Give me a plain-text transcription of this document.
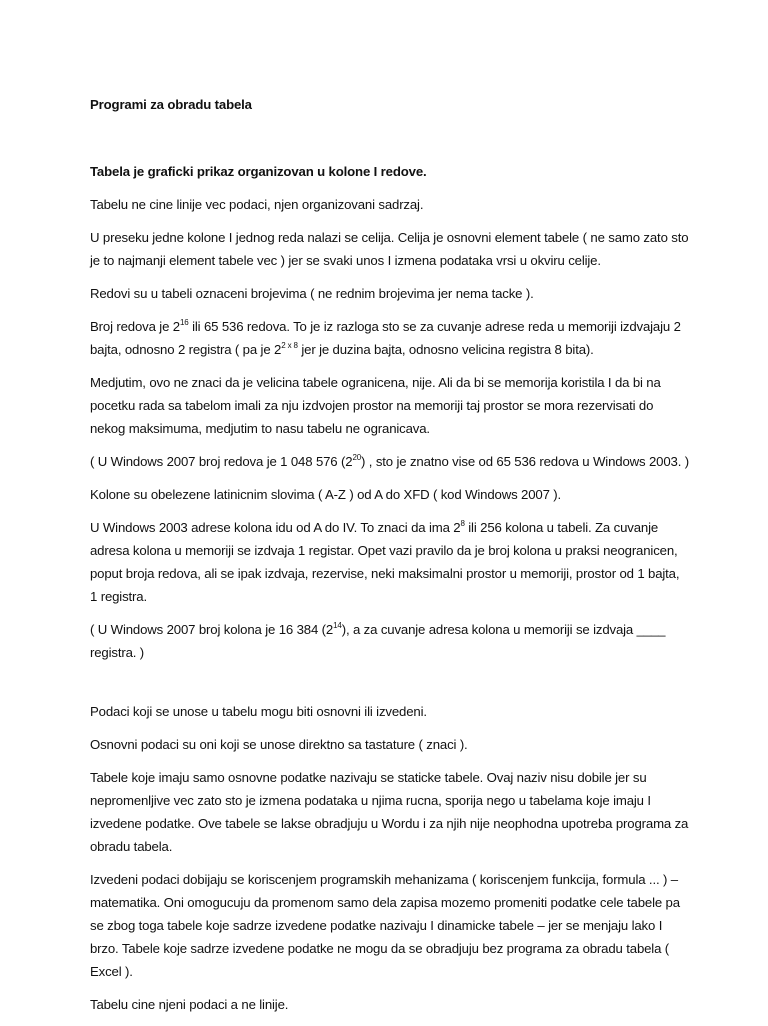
Programi za obradu tabela

Tabela je graficki prikaz organizovan u kolone I redove.

Tabelu ne cine linije vec podaci, njen organizovani sadrzaj.

U preseku jedne kolone I jednog reda nalazi se celija. Celija je osnovni element tabele ( ne samo zato sto je to najmanji element tabele vec ) jer se svaki unos I izmena podataka vrsi u okviru celije.

Redovi su u tabeli oznaceni brojevima ( ne rednim brojevima jer nema tacke ).

Broj redova je $2^{16}$ ili 65 536 redova. To je iz razloga sto se za cuvanje adrese reda u memoriji izdvajaju 2 bajta, odnosno 2 registra ( pa je $2^{2 x 8}$ jer je duzina bajta, odnosno velicina registra 8 bita).

Medjutim, ovo ne znaci da je velicina tabele ogranicena, nije. Ali da bi se memorija koristila I da bi na pocetku rada sa tabelom imali za nju izdvojen prostor na memoriji taj prostor se mora rezervisati do nekog maksimuma, medjutim to nasu tabelu ne ogranicava.

( U Windows 2007 broj redova je 1 048 576 $(2^{20})$ , sto je znatno vise od 65 536 redova u Windows 2003. )

Kolone su obelezene latinicnim slovima ( A-Z ) od A do XFD ( kod Windows 2007 ).

U Windows 2003 adrese kolona idu od A do IV. To znaci da ima $2^8$ ili 256 kolona u tabeli. Za cuvanje adresa kolona u memoriji se izdvaja 1 registar. Opet vazi pravilo da je broj kolona u praksi neogranicen, poput broja redova, ali se ipak izdvaja, rezervise, neki maksimalni prostor u memoriji, prostor od 1 bajta, 1 registra.

( U Windows 2007 broj kolona je 16 384 $(2^{14})$, a za cuvanje adresa kolona u memoriji se izdvaja ____ registra. )

Podaci koji se unose u tabelu mogu biti osnovni ili izvedeni.

Osnovni podaci su oni koji se unose direktno sa tastature ( znaci ).

Tabele koje imaju samo osnovne podatke nazivaju se staticke tabele. Ovaj naziv nisu dobile jer su nepromenljive vec zato sto je izmena podataka u njima rucna, sporija nego u tabelama koje imaju I izvedene podatke. Ove tabele se lakse obradjuju u Wordu i za njih nije neophodna upotreba programa za obradu tabela.

Izvedeni podaci dobijaju se koriscenjem programskih mehanizama ( koriscenjem funkcija, formula ... ) – matematika. Oni omogucuju da promenom samo dela zapisa mozemo promeniti podatke cele tabele pa se zbog toga tabele koje sadrze izvedene podatke nazivaju I dinamicke tabele – jer se menjaju lako I brzo. Tabele koje sadrze izvedene podatke ne mogu da se obradjuju bez programa za obradu tabela ( Excel ).

Tabelu cine njeni podaci a ne linije.
